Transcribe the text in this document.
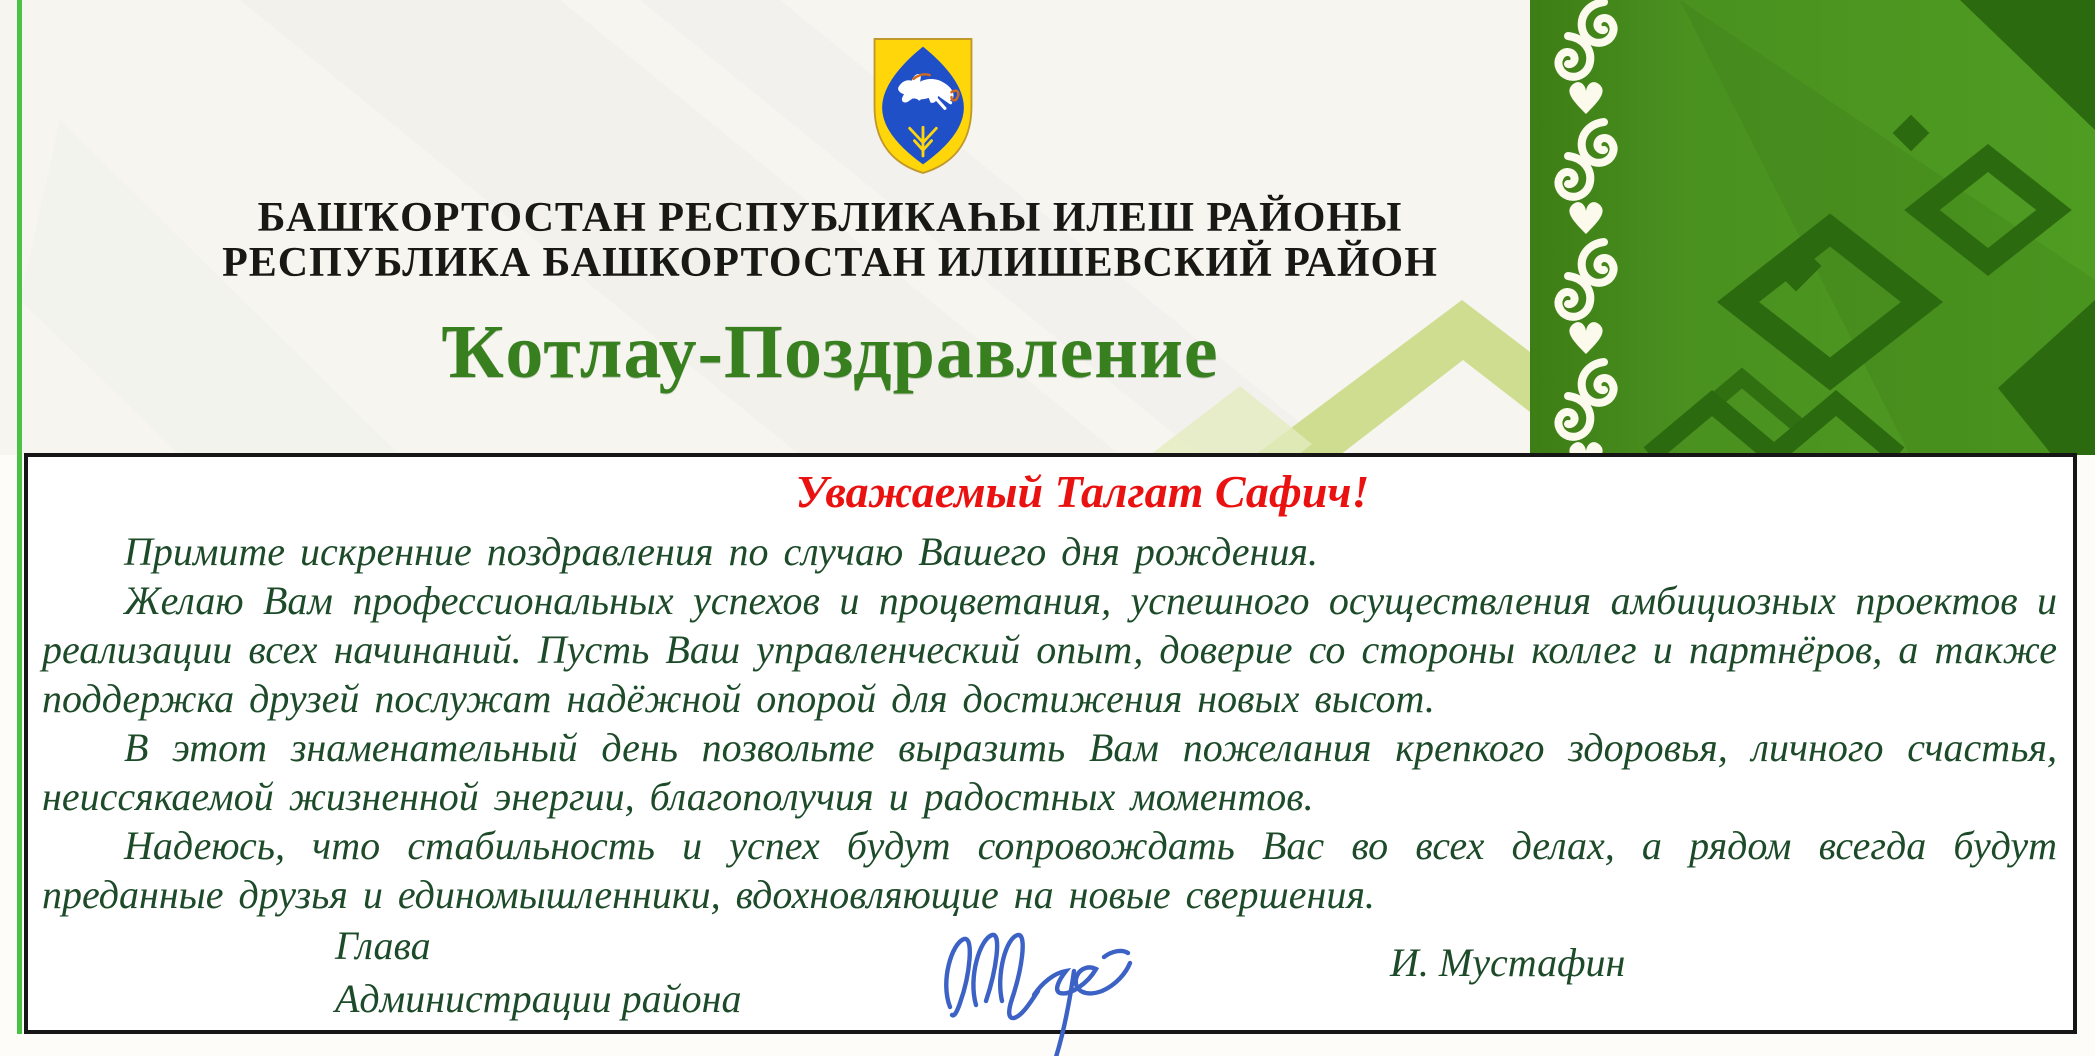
II	X
БАШҠОРТОСТАН РЕСПУБЛИКАҺЫ ИЛЕШ РАЙОНЫ
РЕСПУБЛИКА БАШКОРТОСТАН ИЛИШЕВСКИЙ РАЙОН
Ҡотлау-Поздравление
Уважаемый Талгат Сафич!

Примите искренние поздравления по случаю Вашего дня рождения.

Желаю Вам профессиональных успехов и процветания, успешного осуществления амбициозных проектов и реализации всех начинаний. Пусть Ваш управленческий опыт, доверие со стороны коллег и партнёров, а также поддержка друзей послужат надёжной опорой для достижения новых высот.

В этот знаменательный день позвольте выразить Вам пожелания крепкого здоровья, личного счастья, неиссякаемой жизненной энергии, благополучия и радостных моментов.

Надеюсь, что стабильность и успех будут сопровождать Вас во всех делах, а рядом всегда будут преданные друзья и единомышленники, вдохновляющие на новые свершения.

Глава
Администрации района
И. Мустафин
